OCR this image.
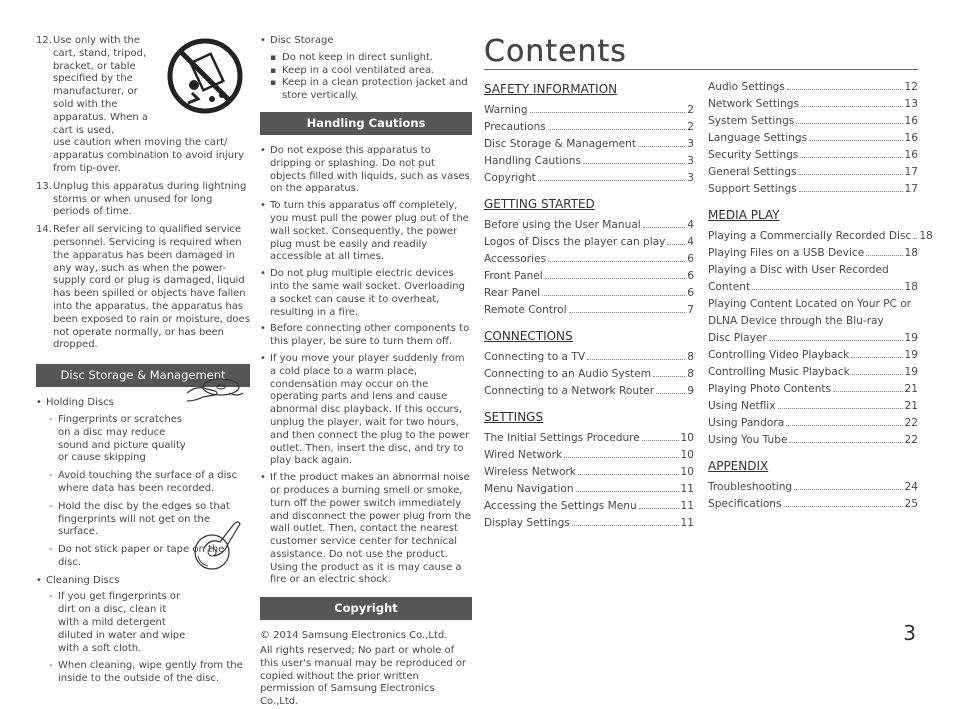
12. Use only with the cart, stand, tripod, bracket, or table specified by the manufacturer, or sold with the apparatus. When a cart is used,
use caution when moving the cart/ apparatus combination to avoid injury from tip-over.
13. Unplug this apparatus during lightning storms or when unused for long periods of time.
14. Refer all servicing to qualified service personnel. Servicing is required when the apparatus has been damaged in any way, such as when the power-supply cord or plug is damaged, liquid has been spilled or objects have fallen into the apparatus, the apparatus has been exposed to rain or moisture, does not operate normally, or has been dropped.
Disc Storage & Management
• Holding Discs
- Fingerprints or scratches on a disc may reduce sound and picture quality or cause skipping
- Avoid touching the surface of a disc where data has been recorded.
- Hold the disc by the edges so that fingerprints will not get on the surface.
- Do not stick paper or tape on the disc.
• Cleaning Discs
- If you get fingerprints or dirt on a disc, clean it with a mild detergent diluted in water and wipe with a soft cloth.
- When cleaning, wipe gently from the inside to the outside of the disc.
• Disc Storage
▪ Do not keep in direct sunlight.
▪ Keep in a cool ventilated area.
▪ Keep in a clean protection jacket and store vertically.
Handling Cautions
• Do not expose this apparatus to dripping or splashing. Do not put objects filled with liquids, such as vases on the apparatus.
• To turn this apparatus off completely, you must pull the power plug out of the wall socket. Consequently, the power plug must be easily and readily accessible at all times.
• Do not plug multiple electric devices into the same wall socket. Overloading a socket can cause it to overheat, resulting in a fire.
• Before connecting other components to this player, be sure to turn them off.
• If you move your player suddenly from a cold place to a warm place, condensation may occur on the operating parts and lens and cause abnormal disc playback. If this occurs, unplug the player, wait for two hours, and then connect the plug to the power outlet. Then, insert the disc, and try to play back again.
• If the product makes an abnormal noise or produces a burning smell or smoke, turn off the power switch immediately and disconnect the power plug from the wall outlet. Then, contact the nearest customer service center for technical assistance. Do not use the product. Using the product as it is may cause a fire or an electric shock.
Copyright
© 2014 Samsung Electronics Co.,Ltd.
All rights reserved; No part or whole of this user's manual may be reproduced or copied without the prior written permission of Samsung Electronics Co.,Ltd.
Contents
SAFETY INFORMATION
Warning	2
Precautions	2
Disc Storage & Management	3
Handling Cautions	3
Copyright	3
GETTING STARTED
Before using the User Manual	4
Logos of Discs the player can play 4
Accessories	6
Front Panel	6
Rear Panel	6
Remote Control	7
CONNECTIONS
Connecting to a TV	8
Connecting to an Audio System	8
Connecting to a Network Router	9
SETTINGS
The Initial Settings Procedure	10
Wired Network	10
Wireless Network	10
Menu Navigation	11
Accessing the Settings Menu	11
Display Settings	11
Audio Settings	12
Network Settings	13
System Settings	16
Language Settings	16
Security Settings	16
General Settings	17
Support Settings	17
MEDIA PLAY
Playing a Commercially Recorded Disc 18
Playing Files on a USB Device	18
Playing a Disc with User Recorded
Content	18
Playing Content Located on Your PC or
DLNA Device through the Blu-ray
Disc Player	19
Controlling Video Playback	19
Controlling Music Playback	19
Playing Photo Contents	21
Using Netflix	21
Using Pandora	22
Using You Tube	22
APPENDIX
Troubleshooting	24
Specifications	25
3
